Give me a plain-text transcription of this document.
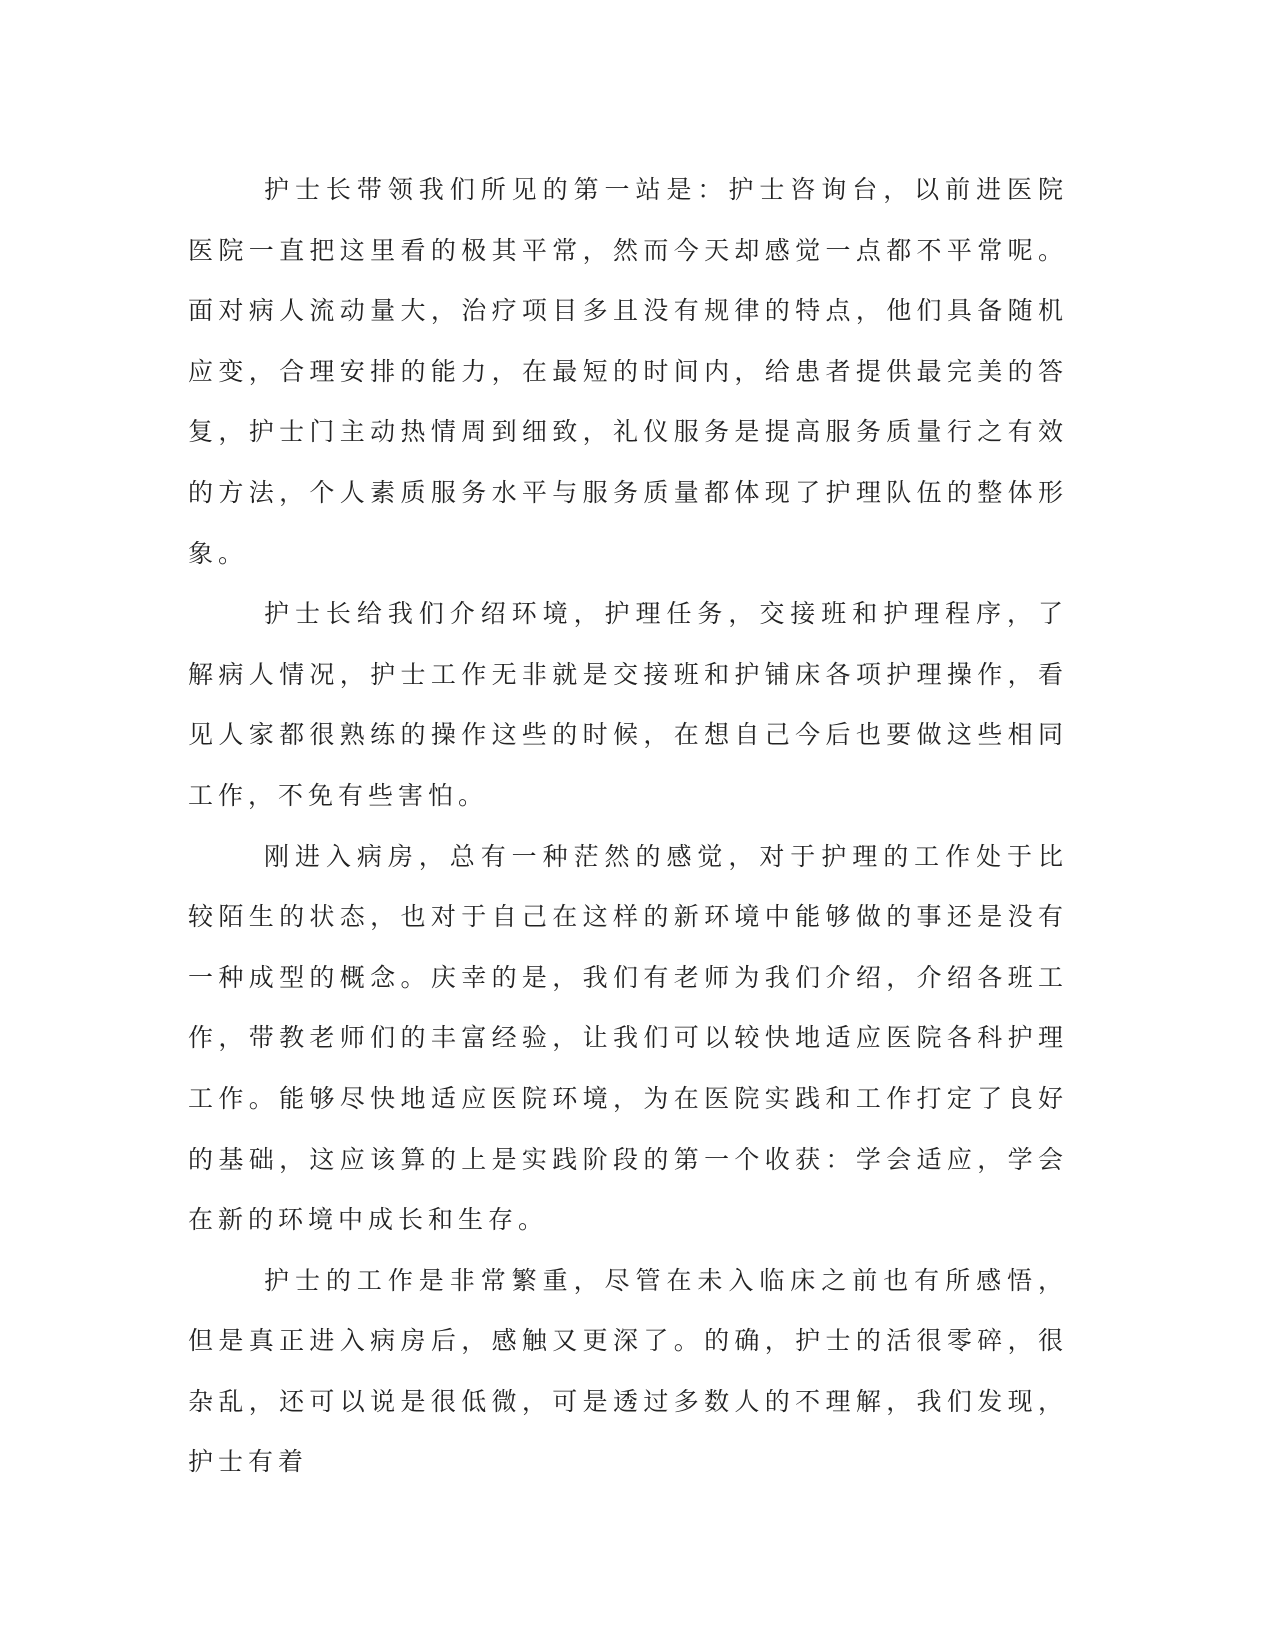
护士长带领我们所见的第一站是：护士咨询台，以前进医院医院一直把这里看的极其平常，然而今天却感觉一点都不平常呢。面对病人流动量大，治疗项目多且没有规律的特点，他们具备随机应变，合理安排的能力，在最短的时间内，给患者提供最完美的答复，护士门主动热情周到细致，礼仪服务是提高服务质量行之有效的方法，个人素质服务水平与服务质量都体现了护理队伍的整体形象。

护士长给我们介绍环境，护理任务，交接班和护理程序，了解病人情况，护士工作无非就是交接班和护铺床各项护理操作，看见人家都很熟练的操作这些的时候，在想自己今后也要做这些相同工作，不免有些害怕。

刚进入病房，总有一种茫然的感觉，对于护理的工作处于比较陌生的状态，也对于自己在这样的新环境中能够做的事还是没有一种成型的概念。庆幸的是，我们有老师为我们介绍，介绍各班工作，带教老师们的丰富经验，让我们可以较快地适应医院各科护理工作。能够尽快地适应医院环境，为在医院实践和工作打定了良好的基础，这应该算的上是实践阶段的第一个收获：学会适应，学会在新的环境中成长和生存。

护士的工作是非常繁重，尽管在未入临床之前也有所感悟，但是真正进入病房后，感触又更深了。的确，护士的活很零碎，很杂乱，还可以说是很低微，可是透过多数人的不理解，我们发现，护士有着
